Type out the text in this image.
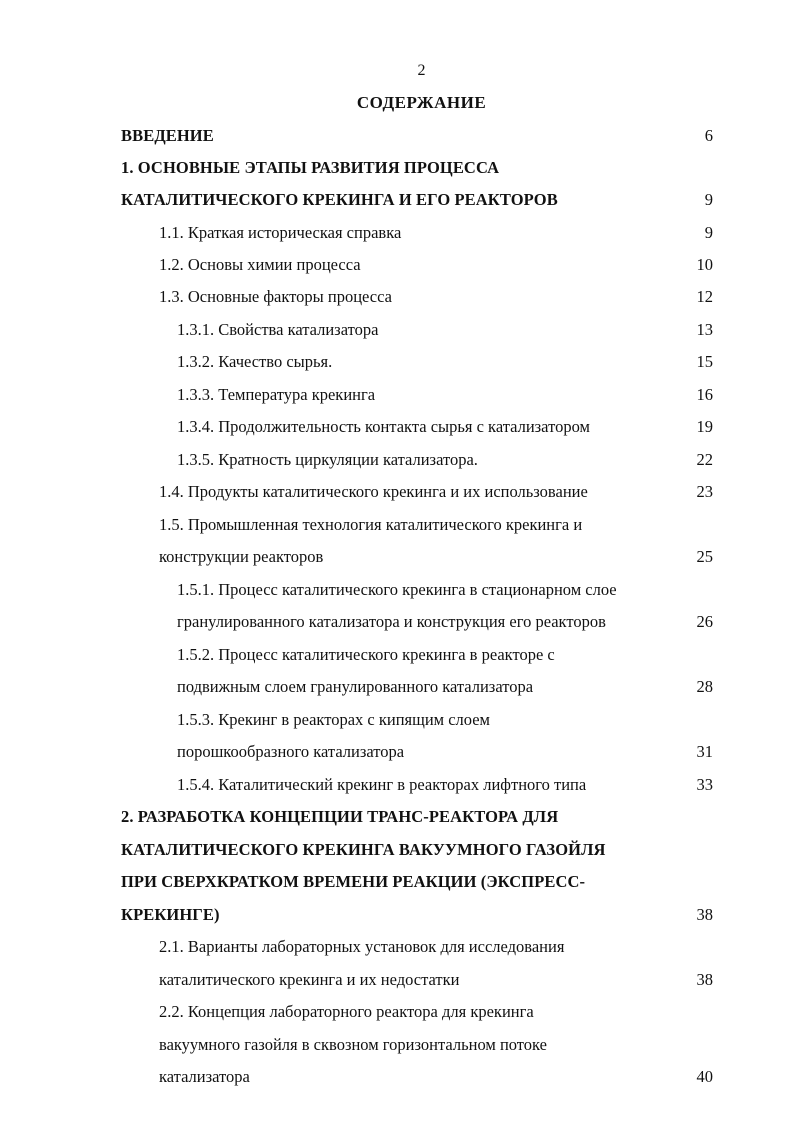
2
СОДЕРЖАНИЕ
ВВЕДЕНИЕ	6
1. ОСНОВНЫЕ ЭТАПЫ РАЗВИТИЯ ПРОЦЕССА
КАТАЛИТИЧЕСКОГО КРЕКИНГА И ЕГО РЕАКТОРОВ	9
1.1. Краткая историческая справка	9
1.2. Основы химии процесса	10
1.3. Основные факторы процесса	12
1.3.1. Свойства катализатора	13
1.3.2. Качество сырья.	15
1.3.3. Температура крекинга	16
1.3.4. Продолжительность контакта сырья с катализатором	19
1.3.5. Кратность циркуляции катализатора.	22
1.4. Продукты каталитического крекинга и их использование	23
1.5. Промышленная технология каталитического крекинга и
конструкции реакторов	25
1.5.1. Процесс каталитического крекинга в стационарном слое
гранулированного катализатора и конструкция его реакторов	26
1.5.2. Процесс каталитического крекинга в реакторе с
подвижным слоем гранулированного катализатора	28
1.5.3. Крекинг в реакторах с кипящим слоем
порошкообразного катализатора	31
1.5.4. Каталитический крекинг в реакторах лифтного типа	33
2. РАЗРАБОТКА КОНЦЕПЦИИ ТРАНС-РЕАКТОРА ДЛЯ
КАТАЛИТИЧЕСКОГО КРЕКИНГА ВАКУУМНОГО ГАЗОЙЛЯ
ПРИ СВЕРХКРАТКОМ ВРЕМЕНИ РЕАКЦИИ (ЭКСПРЕСС-
КРЕКИНГЕ)	38
2.1. Варианты лабораторных установок для исследования
каталитического крекинга и их недостатки	38
2.2. Концепция лабораторного реактора для крекинга
вакуумного газойля в сквозном горизонтальном потоке
катализатора	40
